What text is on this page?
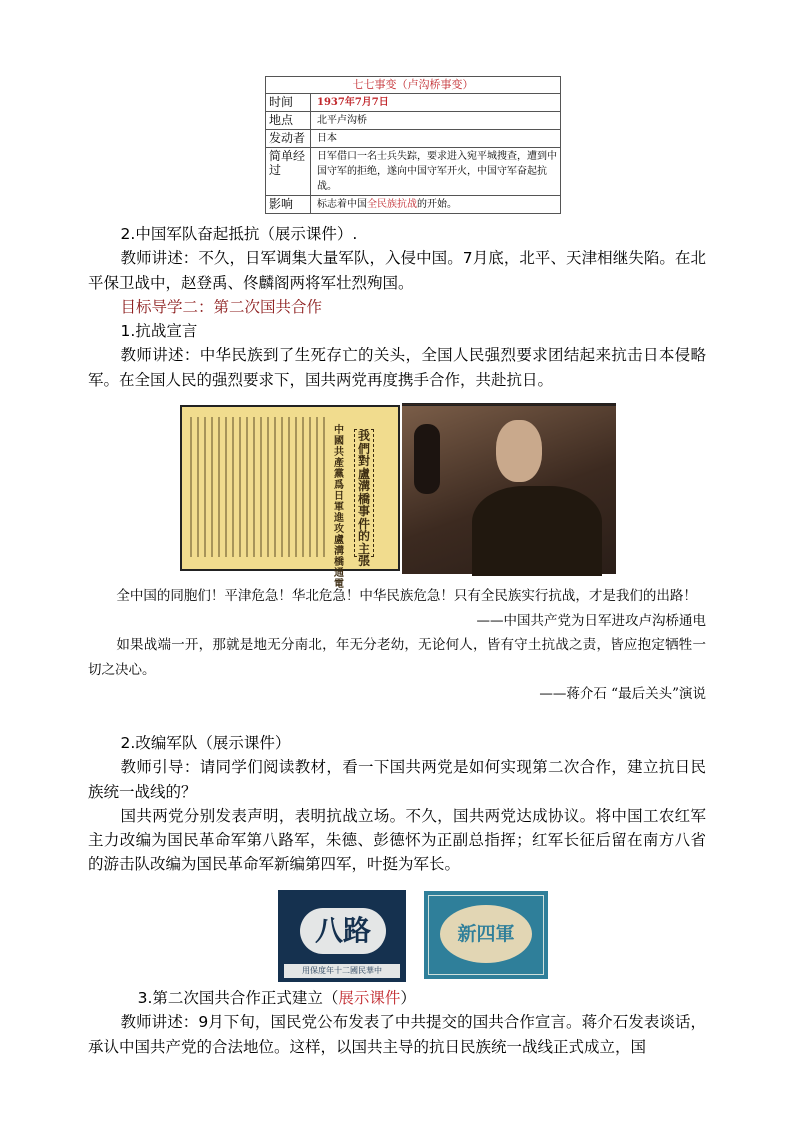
七七事变（卢沟桥事变）	
时间	1937年7月7日
地点	北平卢沟桥
发动者	日本
简单经过	日军借口一名士兵失踪，要求进入宛平城搜查，遭到中国守军的拒绝，遂向中国守军开火，中国守军奋起抗战。
影响	标志着中国全民族抗战的开始。

2.中国军队奋起抵抗（展示课件）.

教师讲述：不久，日军调集大量军队，入侵中国。7月底，北平、天津相继失陷。在北平保卫战中，赵登禹、佟麟阁两将军壮烈殉国。

目标导学二：第二次国共合作

1.抗战宣言

教师讲述：中华民族到了生死存亡的关头，全国人民强烈要求团结起来抗击日本侵略军。在全国人民的强烈要求下，国共两党再度携手合作，共赴抗日。

中國共產黨爲日軍進攻盧溝橋通電
我們對盧溝橋事件的主張

全中国的同胞们！平津危急！华北危急！中华民族危急！只有全民族实行抗战，才是我们的出路！

——中国共产党为日军进攻卢沟桥通电

如果战端一开，那就是地无分南北，年无分老幼，无论何人，皆有守土抗战之责，皆应抱定牺牲一切之决心。

——蒋介石 “最后关头”演说

2.改编军队（展示课件）

教师引导：请同学们阅读教材，看一下国共两党是如何实现第二次合作，建立抗日民族统一战线的？

国共两党分别发表声明，表明抗战立场。不久，国共两党达成协议。将中国工农红军主力改编为国民革命军第八路军，朱德、彭德怀为正副总指挥；红军长征后留在南方八省的游击队改编为国民革命军新编第四军，叶挺为军长。

八路
中華民國二十年度保用
新四軍

3.第二次国共合作正式建立（展示课件）

教师讲述：9月下旬，国民党公布发表了中共提交的国共合作宣言。蒋介石发表谈话，承认中国共产党的合法地位。这样，以国共主导的抗日民族统一战线正式成立，国
